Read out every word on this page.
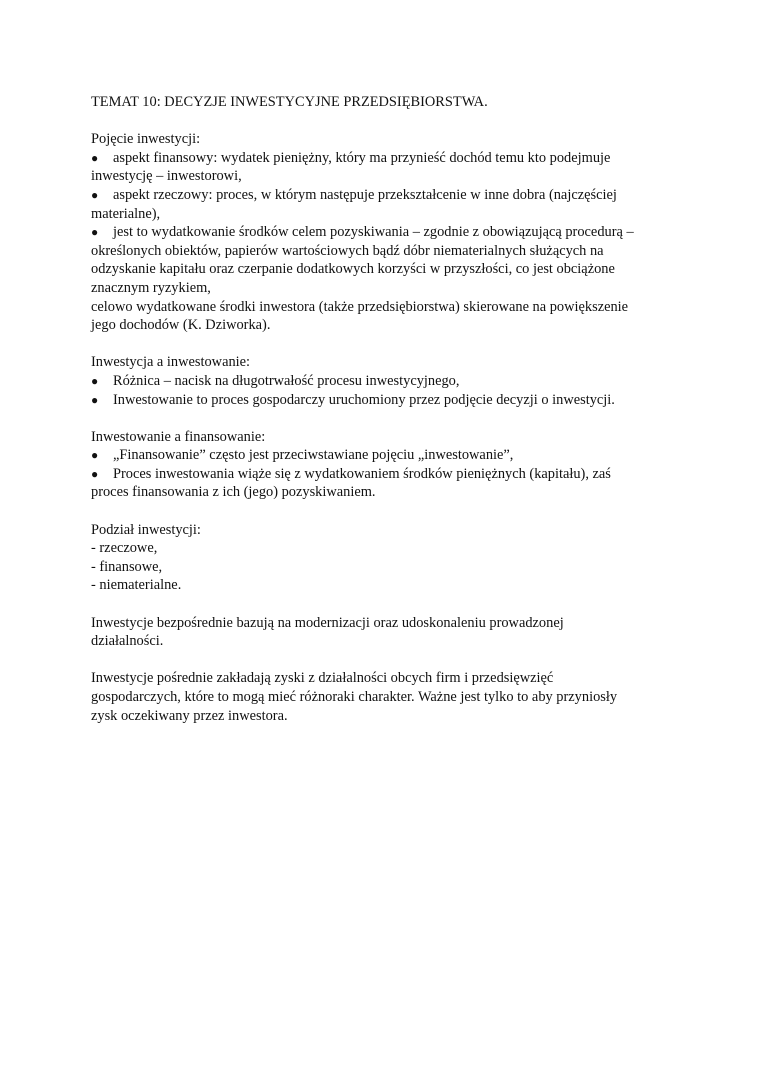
TEMAT 10: DECYZJE INWESTYCYJNE PRZEDSIĘBIORSTWA.

Pojęcie inwestycji:

● aspekt finansowy: wydatek pieniężny, który ma przynieść dochód temu kto podejmuje

inwestycję – inwestorowi,

● aspekt rzeczowy: proces, w którym następuje przekształcenie w inne dobra (najczęściej

materialne),

● jest to wydatkowanie środków celem pozyskiwania – zgodnie z obowiązującą procedurą –

określonych obiektów, papierów wartościowych bądź dóbr niematerialnych służących na

odzyskanie kapitału oraz czerpanie dodatkowych korzyści w przyszłości, co jest obciążone

znacznym ryzykiem,

celowo wydatkowane środki inwestora (także przedsiębiorstwa) skierowane na powiększenie

jego dochodów (K. Dziworka).

Inwestycja a inwestowanie:

● Różnica – nacisk na długotrwałość procesu inwestycyjnego,
● Inwestowanie to proces gospodarczy uruchomiony przez podjęcie decyzji o inwestycji.

Inwestowanie a finansowanie:

● „Finansowanie” często jest przeciwstawiane pojęciu „inwestowanie”,
● Proces inwestowania wiąże się z wydatkowaniem środków pieniężnych (kapitału), zaś

proces finansowania z ich (jego) pozyskiwaniem.

Podział inwestycji:

- rzeczowe,

- finansowe,

- niematerialne.

Inwestycje bezpośrednie bazują na modernizacji oraz udoskonaleniu prowadzonej

działalności.

Inwestycje pośrednie zakładają zyski z działalności obcych firm i przedsięwzięć

gospodarczych, które to mogą mieć różnoraki charakter. Ważne jest tylko to aby przyniosły

zysk oczekiwany przez inwestora.
